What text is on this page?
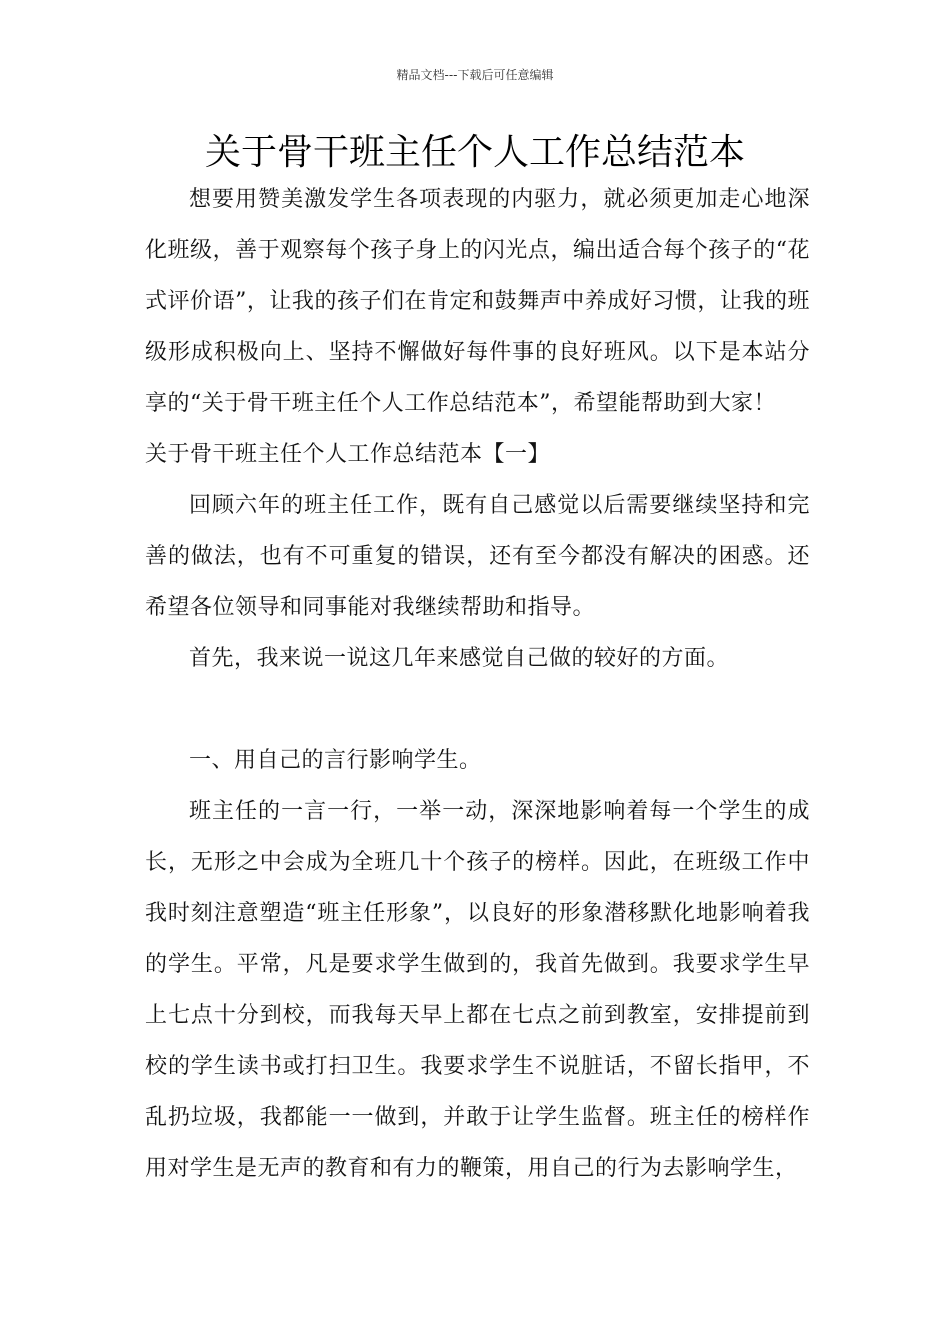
精品文档---下载后可任意编辑
关于骨干班主任个人工作总结范本

想要用赞美激发学生各项表现的内驱力，就必须更加走心地深化班级，善于观察每个孩子身上的闪光点，编出适合每个孩子的“花式评价语”，让我的孩子们在肯定和鼓舞声中养成好习惯，让我的班级形成积极向上、坚持不懈做好每件事的良好班风。以下是本站分享的“关于骨干班主任个人工作总结范本”，希望能帮助到大家！

关于骨干班主任个人工作总结范本【一】

回顾六年的班主任工作，既有自己感觉以后需要继续坚持和完善的做法，也有不可重复的错误，还有至今都没有解决的困惑。还希望各位领导和同事能对我继续帮助和指导。

首先，我来说一说这几年来感觉自己做的较好的方面。

一、用自己的言行影响学生。

班主任的一言一行，一举一动，深深地影响着每一个学生的成长，无形之中会成为全班几十个孩子的榜样。因此，在班级工作中我时刻注意塑造“班主任形象”，以良好的形象潜移默化地影响着我的学生。平常，凡是要求学生做到的，我首先做到。我要求学生早上七点十分到校，而我每天早上都在七点之前到教室，安排提前到校的学生读书或打扫卫生。我要求学生不说脏话，不留长指甲，不乱扔垃圾，我都能一一做到，并敢于让学生监督。班主任的榜样作用对学生是无声的教育和有力的鞭策，用自己的行为去影响学生，
